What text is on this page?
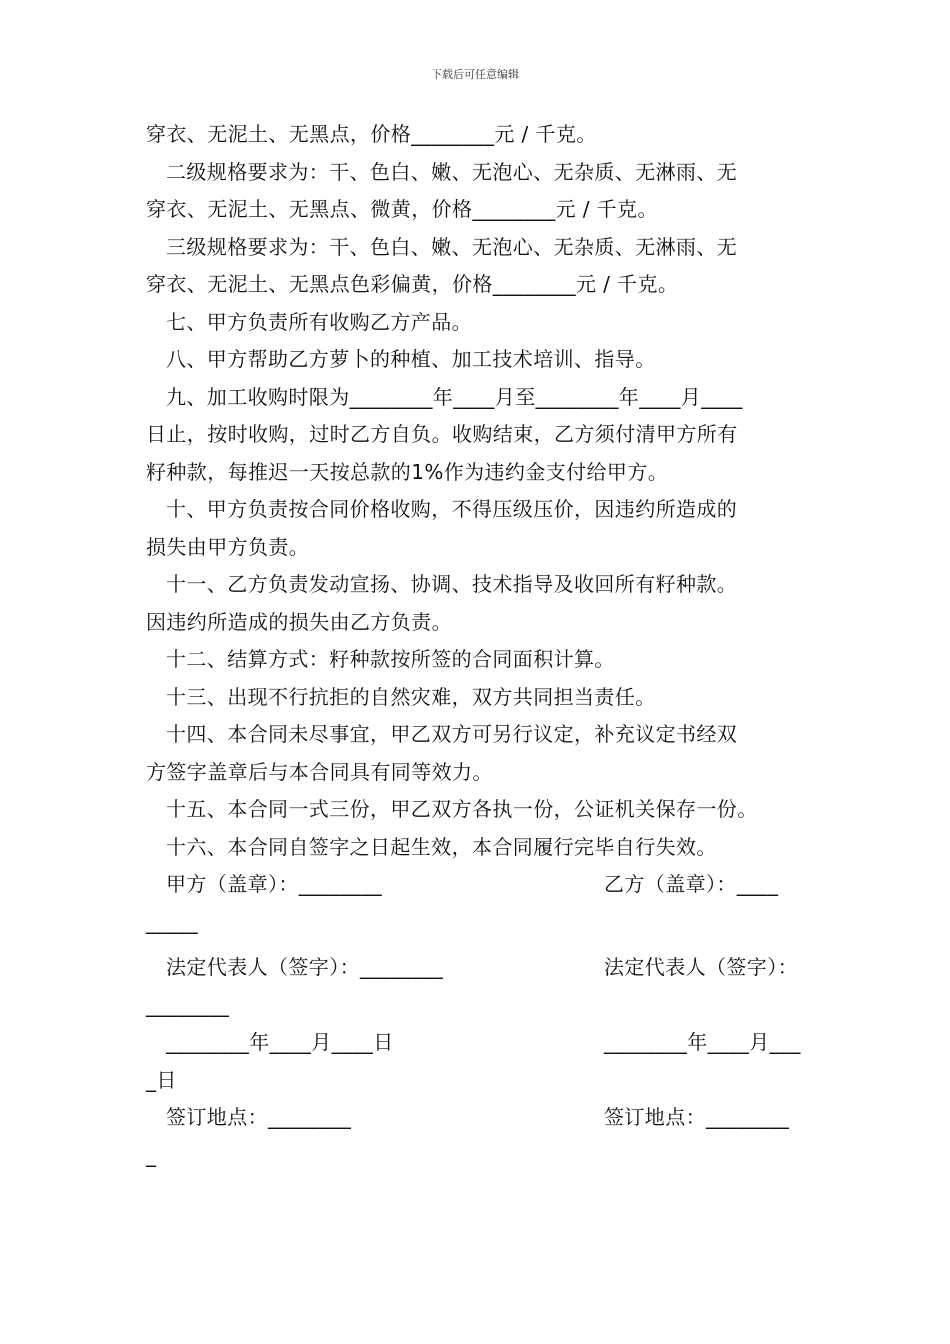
下载后可任意编辑

穿衣、无泥土、无黑点，价格________元 / 千克。

二级规格要求为：干、色白、嫩、无泡心、无杂质、无淋雨、无

穿衣、无泥土、无黑点、微黄，价格________元 / 千克。

三级规格要求为：干、色白、嫩、无泡心、无杂质、无淋雨、无

穿衣、无泥土、无黑点色彩偏黄，价格________元 / 千克。

七、甲方负责所有收购乙方产品。

八、甲方帮助乙方萝卜的种植、加工技术培训、指导。

九、加工收购时限为________年____月至________年____月____

日止，按时收购，过时乙方自负。收购结束，乙方须付清甲方所有

籽种款，每推迟一天按总款的1%作为违约金支付给甲方。

十、甲方负责按合同价格收购，不得压级压价，因违约所造成的

损失由甲方负责。

十一、乙方负责发动宣扬、协调、技术指导及收回所有籽种款。

因违约所造成的损失由乙方负责。

十二、结算方式：籽种款按所签的合同面积计算。

十三、出现不行抗拒的自然灾难，双方共同担当责任。

十四、本合同未尽事宜，甲乙双方可另行议定，补充议定书经双

方签字盖章后与本合同具有同等效力。

十五、本合同一式三份，甲乙双方各执一份，公证机关保存一份。

十六、本合同自签字之日起生效，本合同履行完毕自行失效。

甲方（盖章）：________	乙方（盖章）：____
_____
法定代表人（签字）：________	法定代表人（签字）：
________
________年____月____日	________年____月___
_日
签订地点：________	签订地点：________
_
